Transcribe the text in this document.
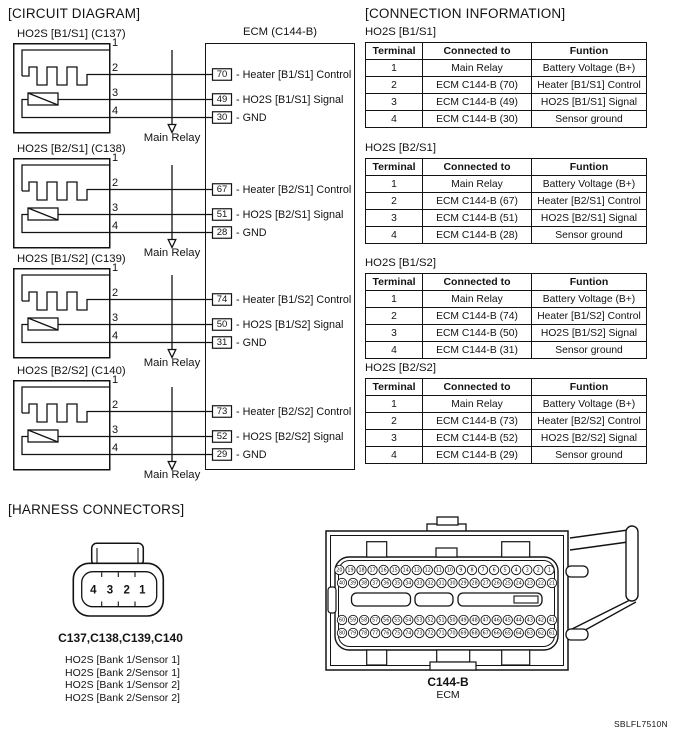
[CIRCUIT DIAGRAM]	[CONNECTION INFORMATION]
[HARNESS CONNECTORS]
ECM (C144-B)
HO2S [B1/S1] (C137)
1
2
3
4
70
49
30
- Heater [B1/S1] Control
- HO2S [B1/S1] Signal
- GND
Main Relay
HO2S [B2/S1] (C138)
1
2
3
4
67
51
28
- Heater [B2/S1] Control
- HO2S [B2/S1] Signal
- GND
Main Relay
HO2S [B1/S2] (C139)
1
2
3
4
74
50
31
- Heater [B1/S2] Control
- HO2S [B1/S2] Signal
- GND
Main Relay
HO2S [B2/S2] (C140)
1
2
3
4
73
52
29
- Heater [B2/S2] Control
- HO2S [B2/S2] Signal
- GND
Main Relay
HO2S [B1/S1]
Terminal	Connected to	Funtion
1	Main Relay	Battery Voltage (B+)
2	ECM C144-B (70)	Heater [B1/S1] Control
3	ECM C144-B (49)	HO2S [B1/S1] Signal
4	ECM C144-B (30)	Sensor ground
HO2S [B2/S1]
Terminal	Connected to	Funtion
1	Main Relay	Battery Voltage (B+)
2	ECM C144-B (67)	Heater [B2/S1] Control
3	ECM C144-B (51)	HO2S [B2/S1] Signal
4	ECM C144-B (28)	Sensor ground
HO2S [B1/S2]
Terminal	Connected to	Funtion
1	Main Relay	Battery Voltage (B+)
2	ECM C144-B (74)	Heater [B1/S2] Control
3	ECM C144-B (50)	HO2S [B1/S2] Signal
4	ECM C144-B (31)	Sensor ground
HO2S [B2/S2]
Terminal	Connected to	Funtion
1	Main Relay	Battery Voltage (B+)
2	ECM C144-B (73)	Heater [B2/S2] Control
3	ECM C144-B (52)	HO2S [B2/S2] Signal
4	ECM C144-B (29)	Sensor ground
4 3 2 1
C137,C138,C139,C140
HO2S [Bank 1/Sensor 1]
HO2S [Bank 2/Sensor 1]
HO2S [Bank 1/Sensor 2]
HO2S [Bank 2/Sensor 2]
20 19 18 17 16 15 14 13 12 11 10 9 8 7 6 5 4 3 2 1
40 39 38 37 36 35 34 33 32 31 30 29 28 27 26 25 24 23 22 21
60 59 58 57 56 55 54 53 52 51 50 49 48 47 46 45 44 43 42 41
80 79 78 77 76 75 74 73 72 71 70 69 68 67 66 65 64 63 62 61
C144-B
ECM
SBLFL7510N
